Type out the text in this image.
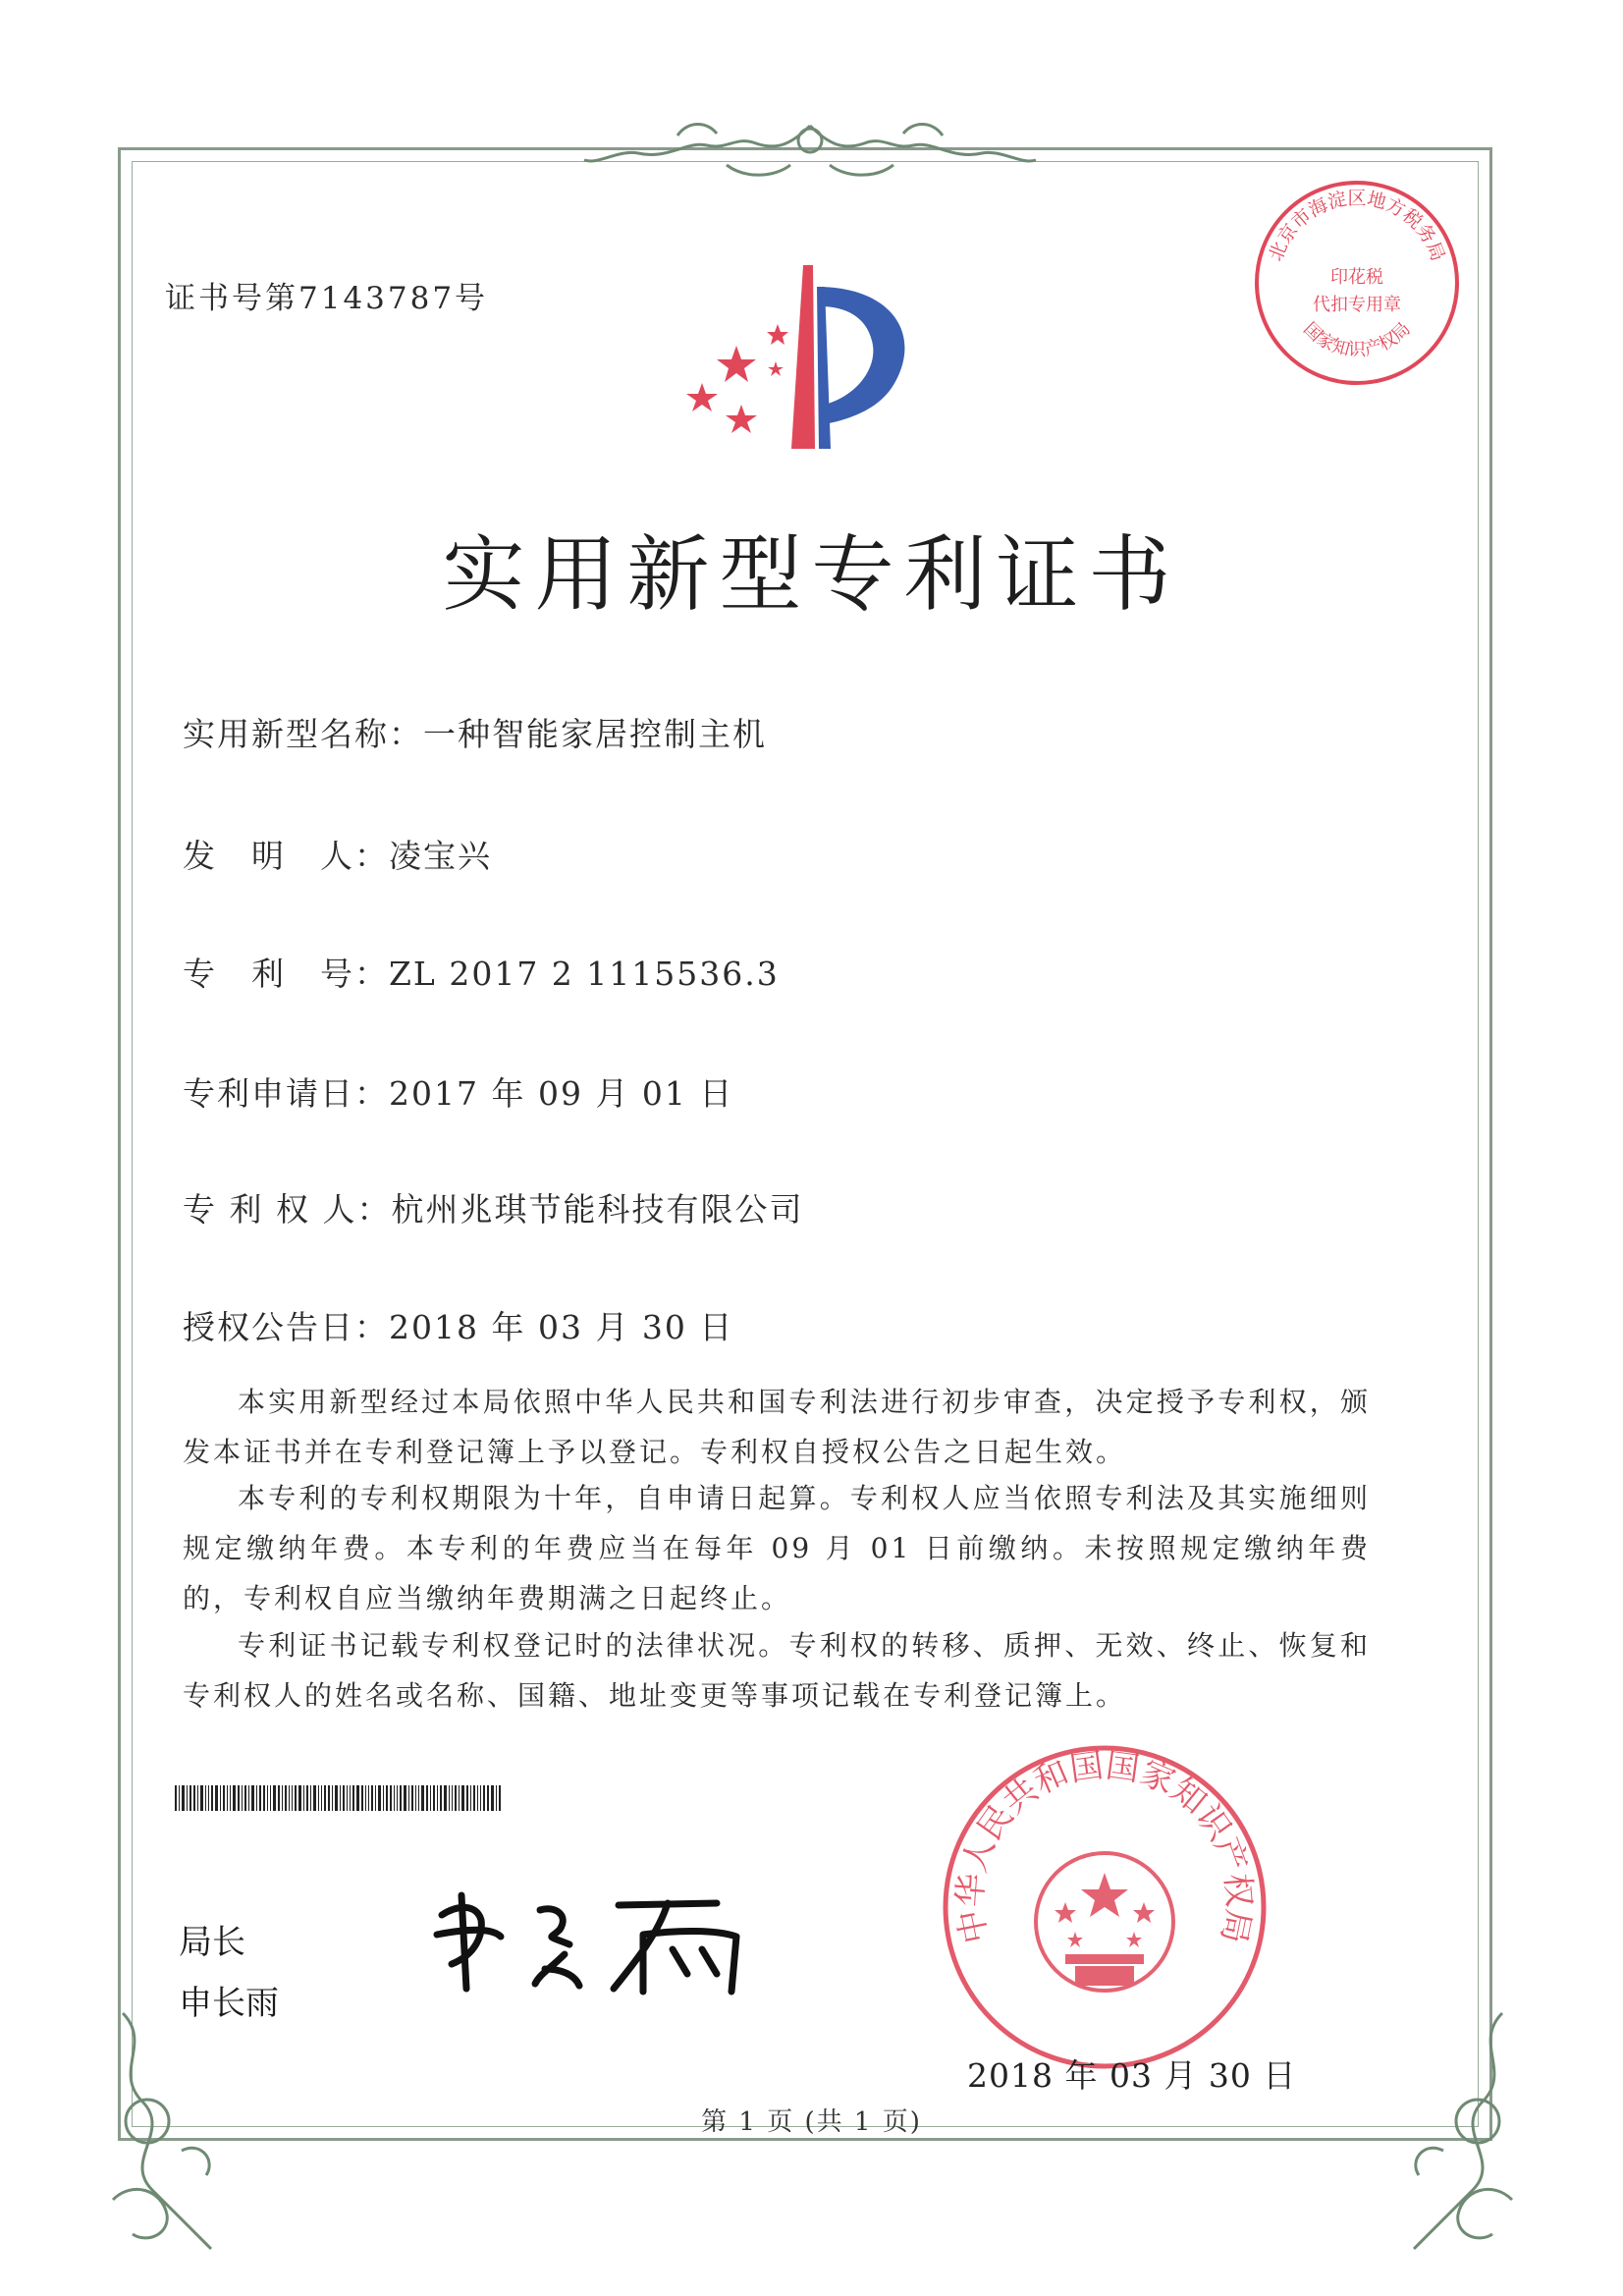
证书号第7143787号
北京市海淀区地方税务局
印花税
代扣专用章
国家知识产权局
实用新型专利证书
实用新型名称：一种智能家居控制主机
发　明　人：凌宝兴
专　利　号：ZL 2017 2 1115536.3
专利申请日：2017 年 09 月 01 日
专 利 权 人：杭州兆琪节能科技有限公司
授权公告日：2018 年 03 月 30 日
本实用新型经过本局依照中华人民共和国专利法进行初步审查，决定授予专利权，颁发本证书并在专利登记簿上予以登记。专利权自授权公告之日起生效。
本专利的专利权期限为十年，自申请日起算。专利权人应当依照专利法及其实施细则规定缴纳年费。本专利的年费应当在每年 09 月 01 日前缴纳。未按照规定缴纳年费的，专利权自应当缴纳年费期满之日起终止。
专利证书记载专利权登记时的法律状况。专利权的转移、质押、无效、终止、恢复和专利权人的姓名或名称、国籍、地址变更等事项记载在专利登记簿上。
局长
申长雨
中华人民共和国国家知识产权局
2018 年 03 月 30 日
第 1 页 (共 1 页)
